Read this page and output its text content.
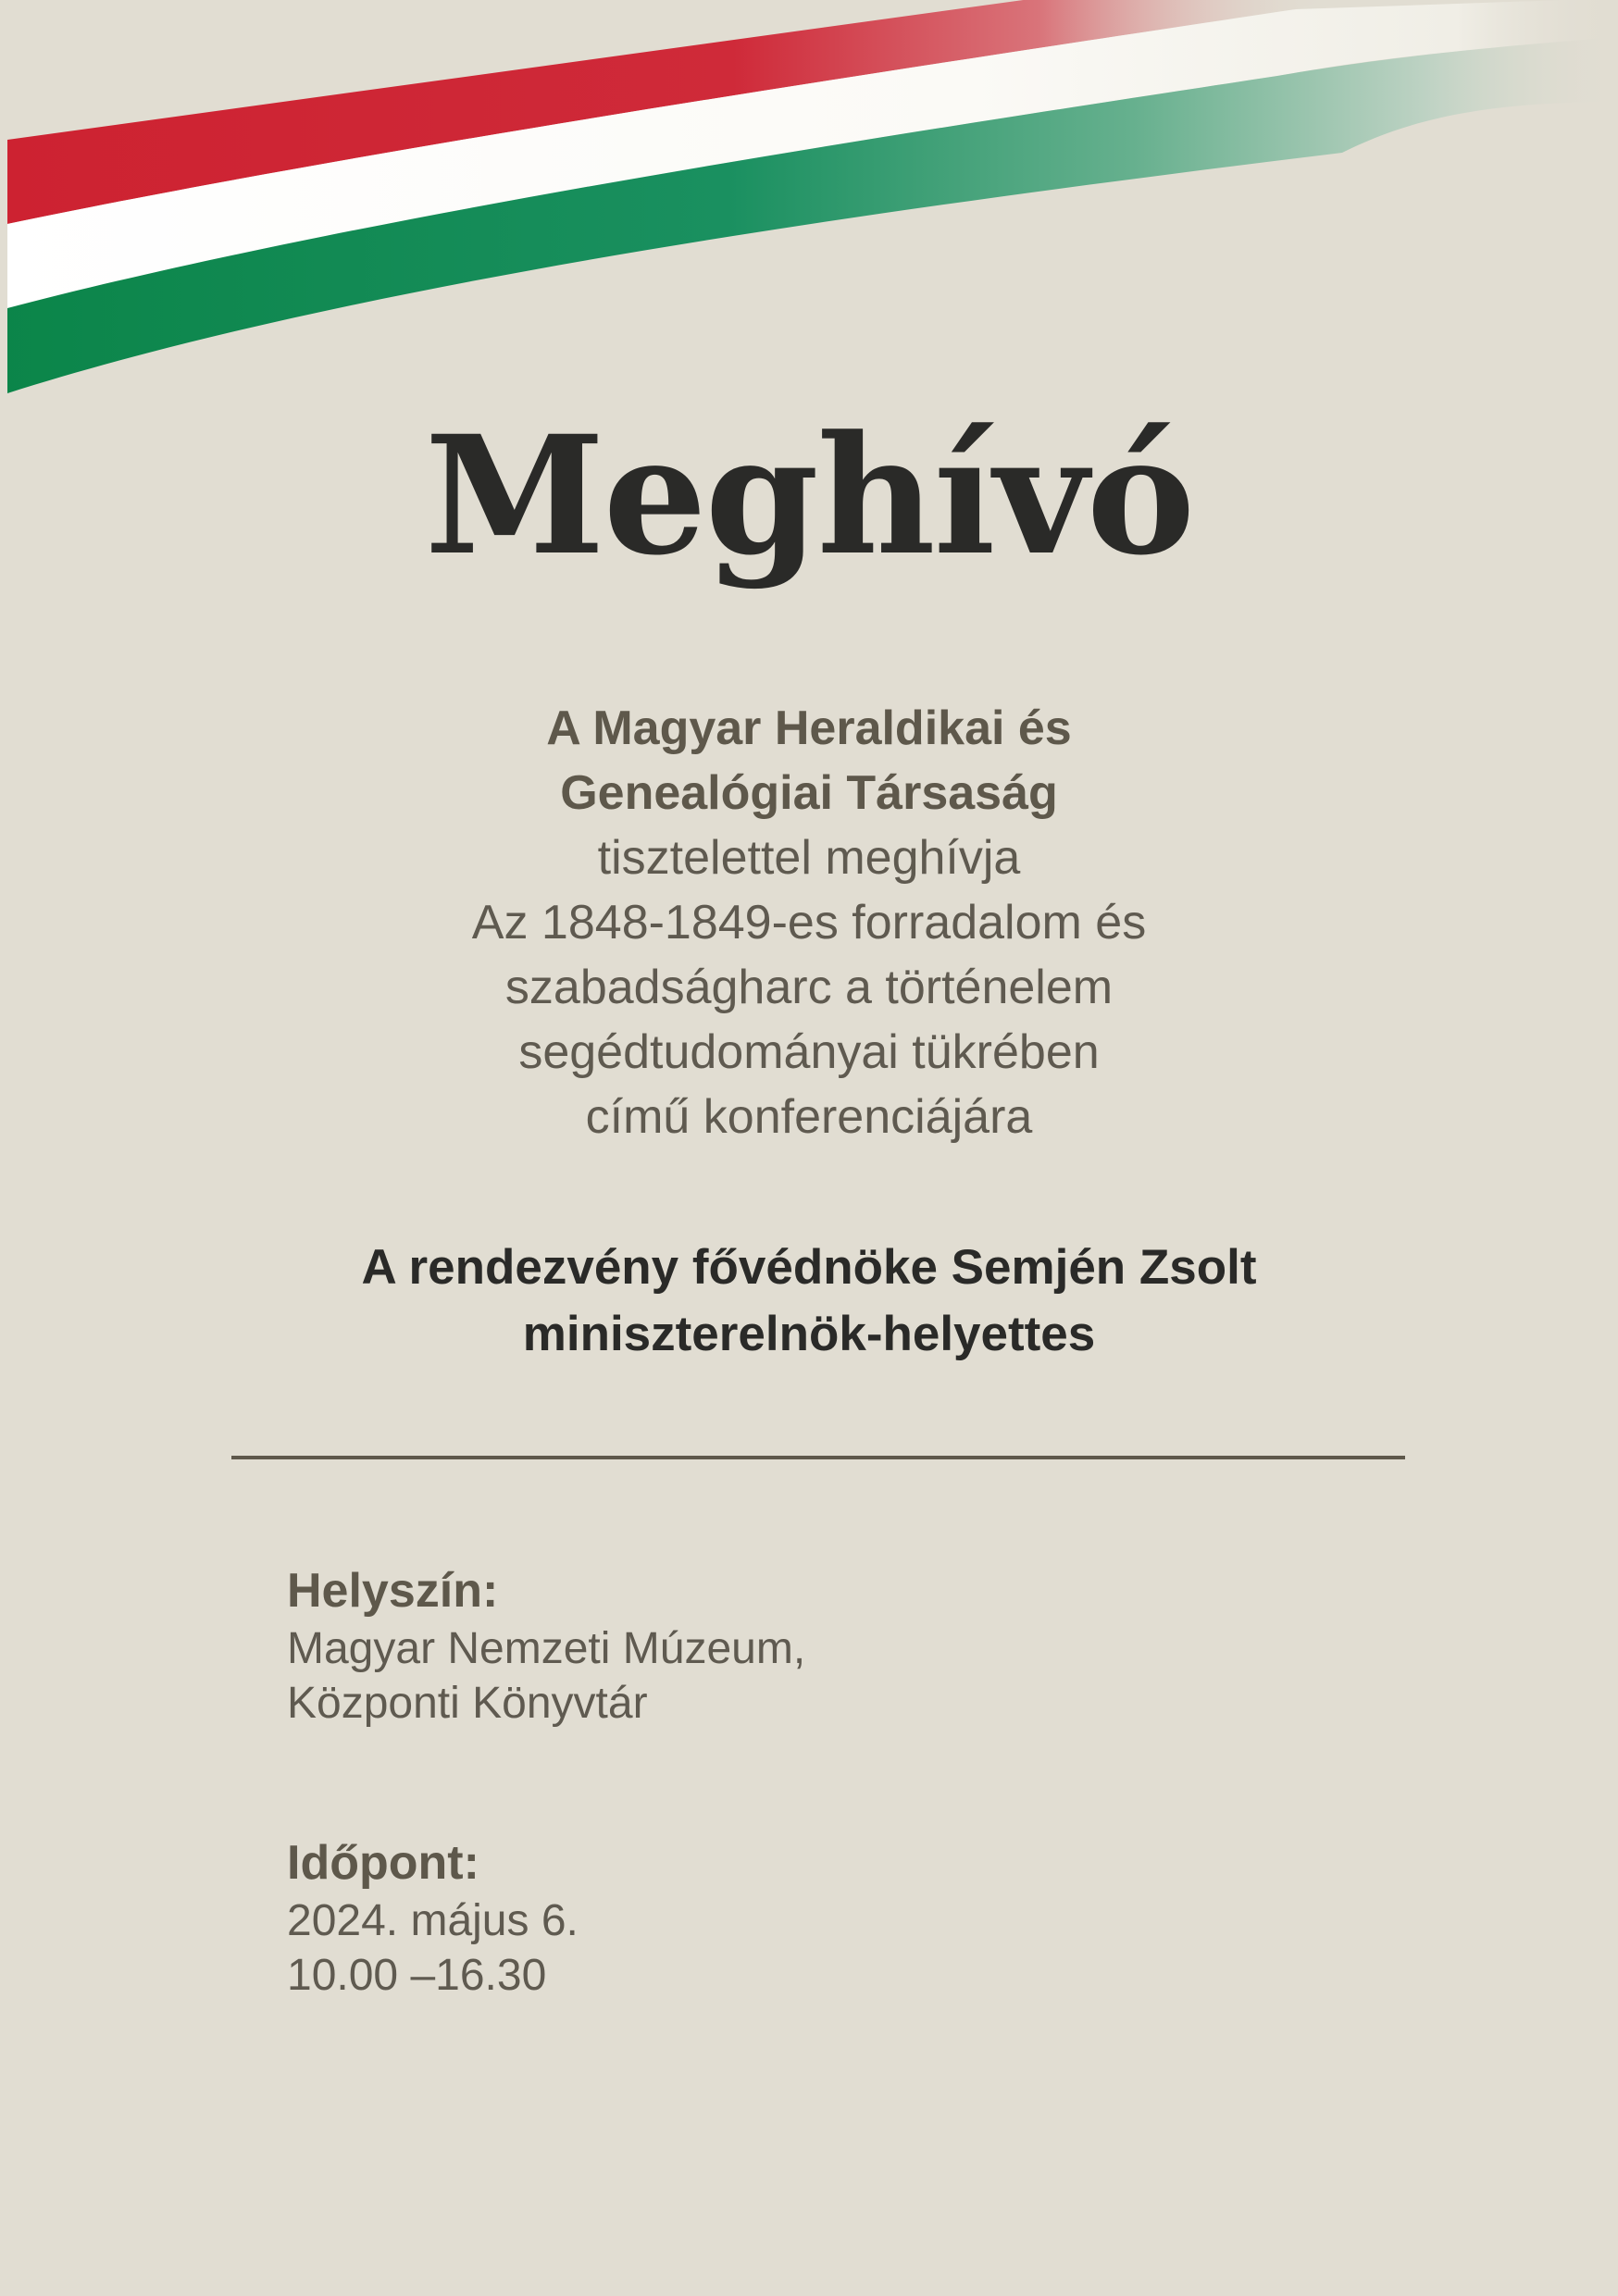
Meghívó
A Magyar Heraldikai és
Genealógiai Társaság
tisztelettel meghívja
Az 1848-1849-es forradalom és
szabadságharc a történelem
segédtudományai tükrében
című konferenciájára
A rendezvény fővédnöke Semjén Zsolt
miniszterelnök-helyettes
Helyszín:
Magyar Nemzeti Múzeum,
Központi Könyvtár
Időpont:
2024. május 6.
10.00 –16.30
